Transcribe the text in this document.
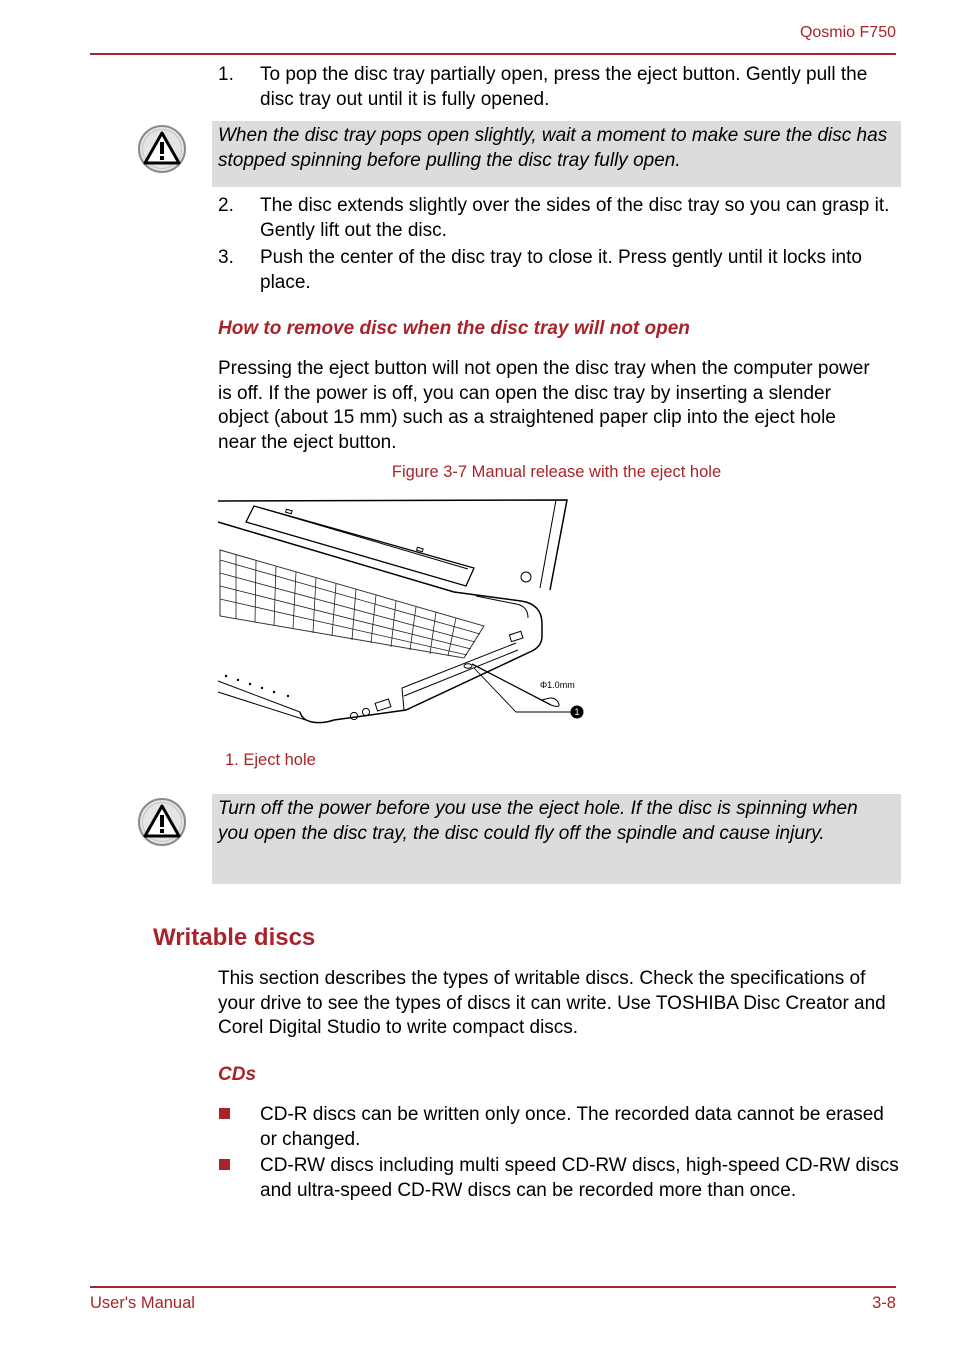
Qosmio F750
1. To pop the disc tray partially open, press the eject button. Gently pull the disc tray out until it is fully opened.
When the disc tray pops open slightly, wait a moment to make sure the disc has stopped spinning before pulling the disc tray fully open.
2. The disc extends slightly over the sides of the disc tray so you can grasp it. Gently lift out the disc.
3. Push the center of the disc tray to close it. Press gently until it locks into place.
How to remove disc when the disc tray will not open
Pressing the eject button will not open the disc tray when the computer power is off. If the power is off, you can open the disc tray by inserting a slender object (about 15 mm) such as a straightened paper clip into the eject hole near the eject button.
Figure 3-7 Manual release with the eject hole
1
Φ1.0mm
1. Eject hole
Turn off the power before you use the eject hole. If the disc is spinning when you open the disc tray, the disc could fly off the spindle and cause injury.
Writable discs
This section describes the types of writable discs. Check the specifications of your drive to see the types of discs it can write. Use TOSHIBA Disc Creator and Corel Digital Studio to write compact discs.
CDs
CD-R discs can be written only once. The recorded data cannot be erased or changed.
CD-RW discs including multi speed CD-RW discs, high-speed CD-RW discs and ultra-speed CD-RW discs can be recorded more than once.
User's Manual	3-8
